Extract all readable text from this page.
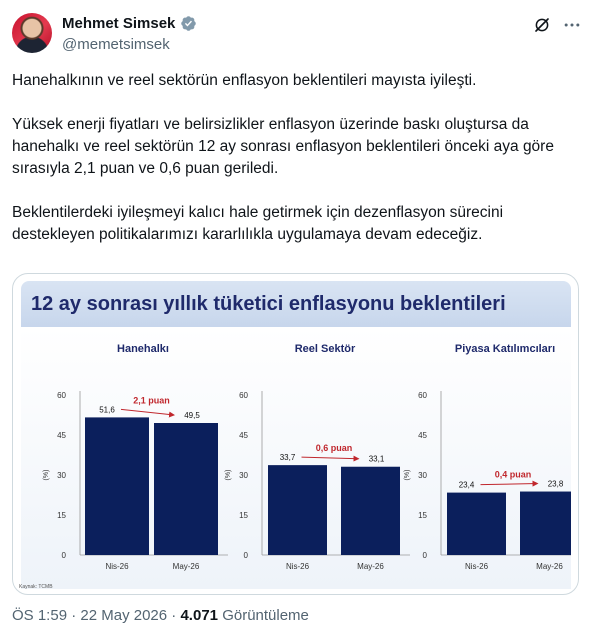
Mehmet Simsek
@memetsimsek
Hanehalkının ve reel sektörün enflasyon beklentileri mayısta iyileşti.
Yüksek enerji fiyatları ve belirsizlikler enflasyon üzerinde baskı oluştursa da hanehalkı ve reel sektörün 12 ay sonrası enflasyon beklentileri önceki aya göre sırasıyla 2,1 puan ve 0,6 puan geriledi.
Beklentilerdeki iyileşmeyi kalıcı hale getirmek için dezenflasyon sürecini destekleyen politikalarımızı kararlılıkla uygulamaya devam edeceğiz.
12 ay sonrası yıllık tüketici enflasyonu beklentileri
Hanehalkı
0
15
30
45
60
(%)
Nis-26	May-26
51,6
49,5
2,1 puan
Reel Sektör
0
15
30
45
60
(%)
Nis-26	May-26
33,7	33,1
0,6 puan
Piyasa Katılımcıları
0
15
30
45
60
(%)
Nis-26	May-26
23,4	23,8
0,4 puan
Kaynak: TCMB
ÖS 1:59 · 22 May 2026 · 4.071 Görüntüleme
